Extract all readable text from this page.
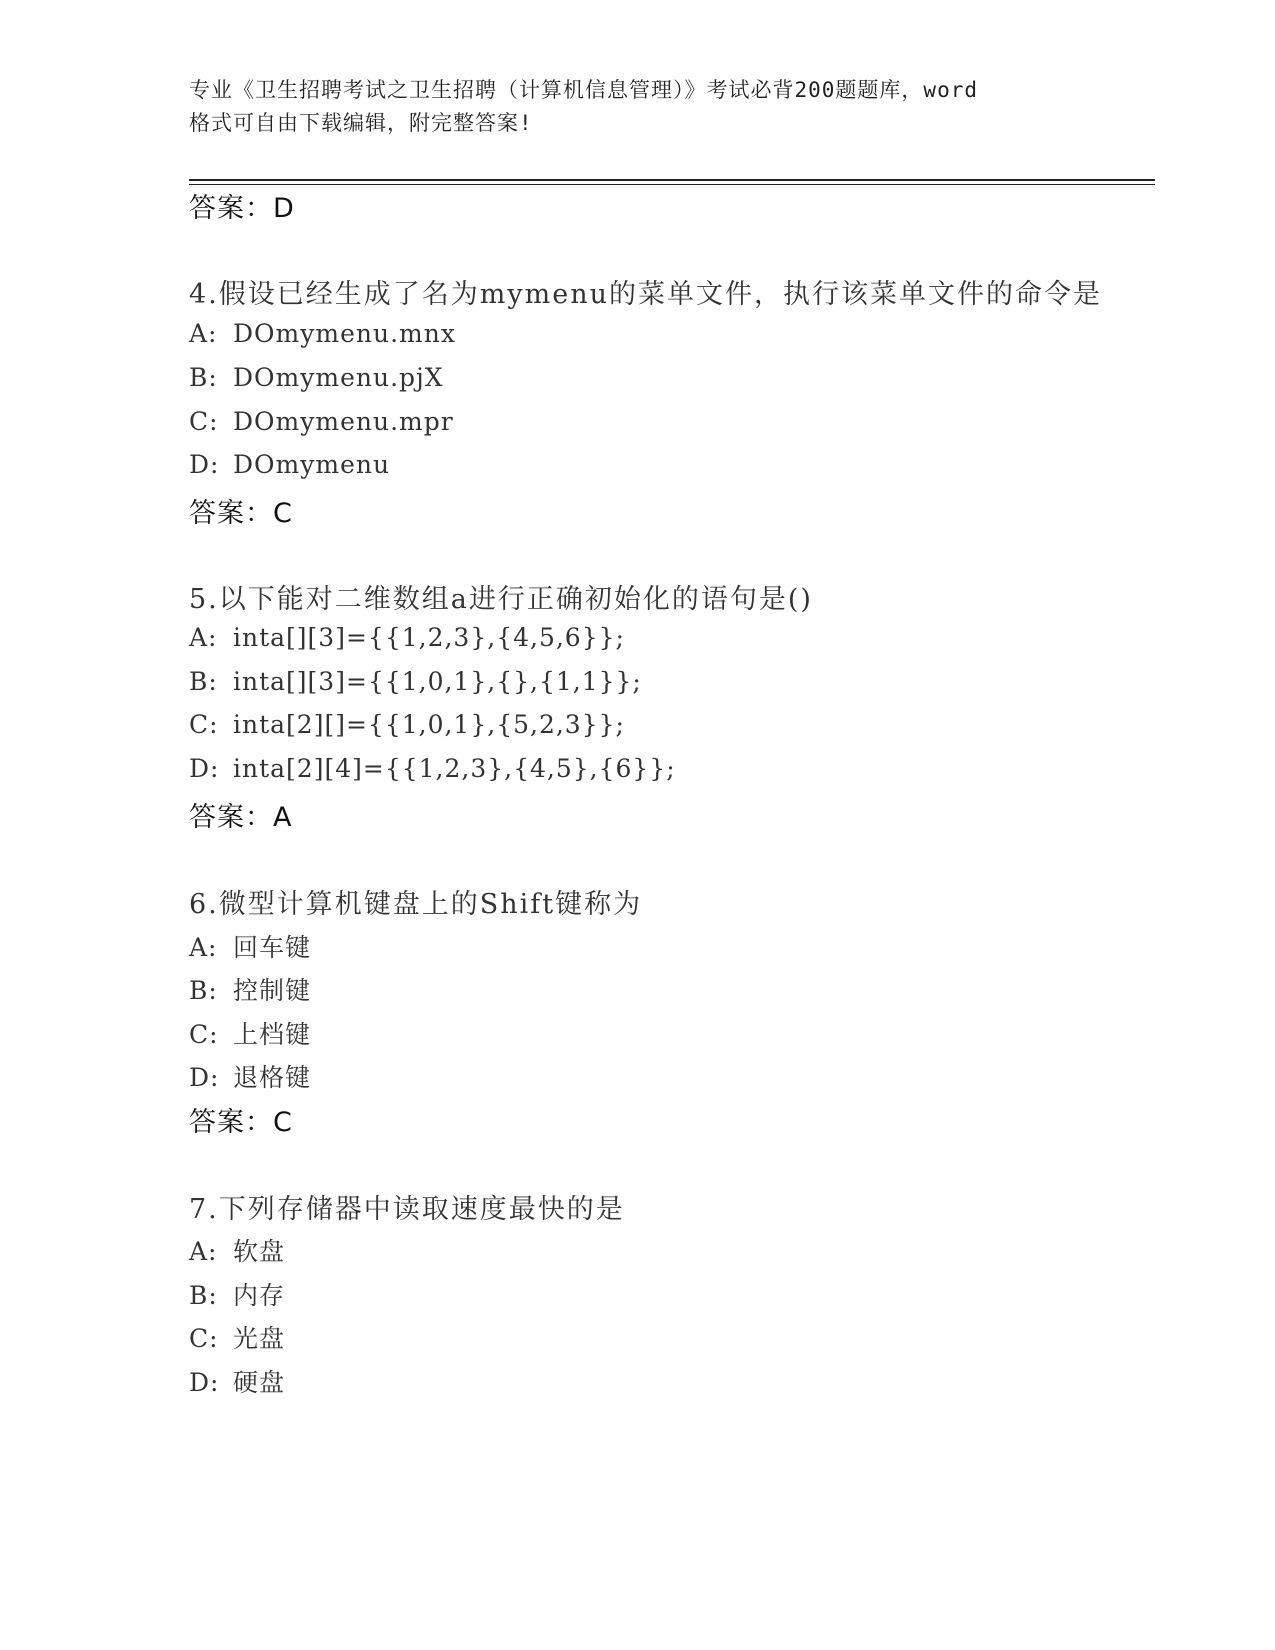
专业《卫生招聘考试之卫生招聘（计算机信息管理）》考试必背200题题库，word
格式可自由下载编辑，附完整答案!
答案：D
4.假设已经生成了名为mymenu的菜单文件，执行该菜单文件的命令是
A: DOmymenu.mnx
B: DOmymenu.pjX
C: DOmymenu.mpr
D: DOmymenu
答案：C
5.以下能对二维数组a进行正确初始化的语句是()
A: inta[][3]={{1,2,3},{4,5,6}};
B: inta[][3]={{1,0,1},{},{1,1}};
C: inta[2][]={{1,0,1},{5,2,3}};
D: inta[2][4]={{1,2,3},{4,5},{6}};
答案：A
6.微型计算机键盘上的Shift键称为
A: 回车键
B: 控制键
C: 上档键
D: 退格键
答案：C
7.下列存储器中读取速度最快的是
A: 软盘
B: 内存
C: 光盘
D: 硬盘
